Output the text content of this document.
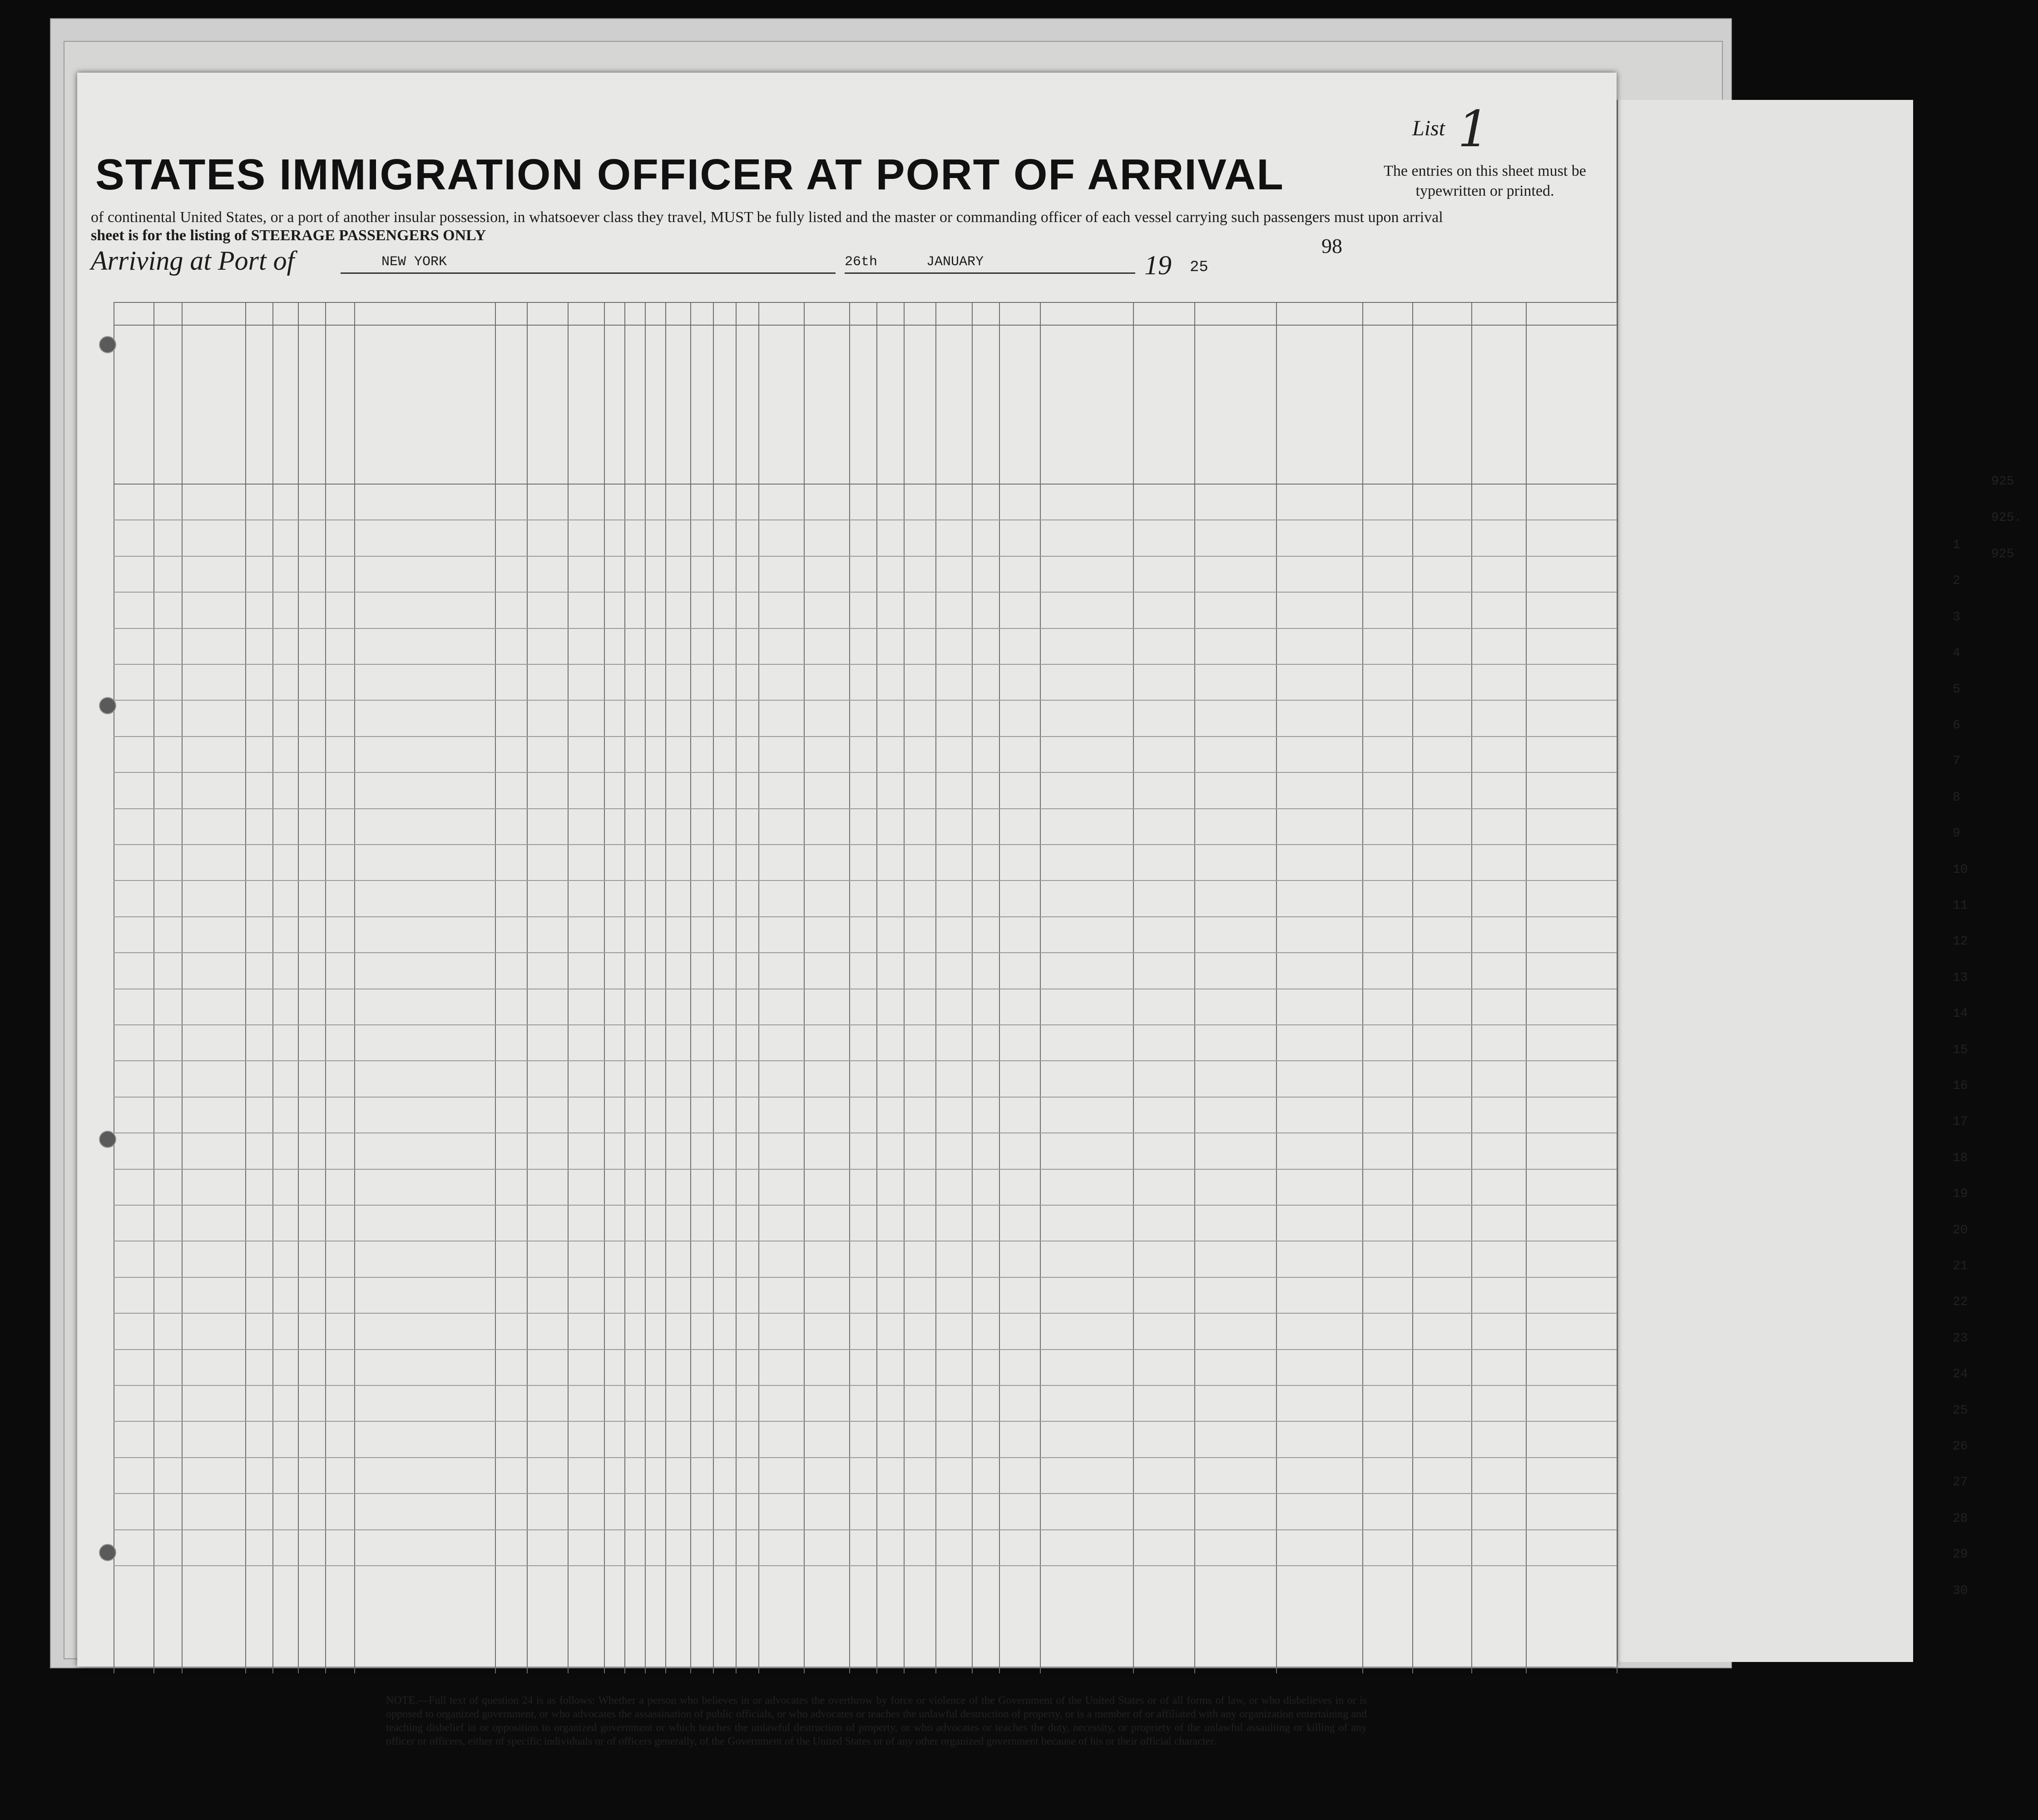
List 1
STATES IMMIGRATION OFFICER AT PORT OF ARRIVAL	The entries on this sheet must be typewritten or printed.
of continental United States, or a port of another insular possession, in whatsoever class they travel, MUST be fully listed and the master or commanding officer of each vessel carrying such passengers must upon arrival
sheet is for the listing of STEERAGE PASSENGERS ONLY
Arriving at Port of	NEW YORK	26th	JANUARY	19 25
98
NOTE.—Full text of question 24 is as follows: Whether a person who believes in or advocates the overthrow by force or violence of the Government of the United States or of all forms of law, or who disbelieves in or is opposed to organized government, or who advocates the assassination of public officials, or who advocates or teaches the unlawful destruction of property, or is a member of or affiliated with any organization entertaining and teaching disbelief in or opposition to organized government or which teaches the unlawful destruction of property, or who advocates or teaches the duty, necessity, or propriety of the unlawful assaulting or killing of any officer or officers, either of specific individuals or of officers generally, of the Government of the United States or of any other organized government because of his or their official character.
925
925.
925
1
2
3
4
5
6
7
8
9
10
11
12
13
14
15
16
17
18
19
20
21
22
23
24
25
26
27
28
29
30
